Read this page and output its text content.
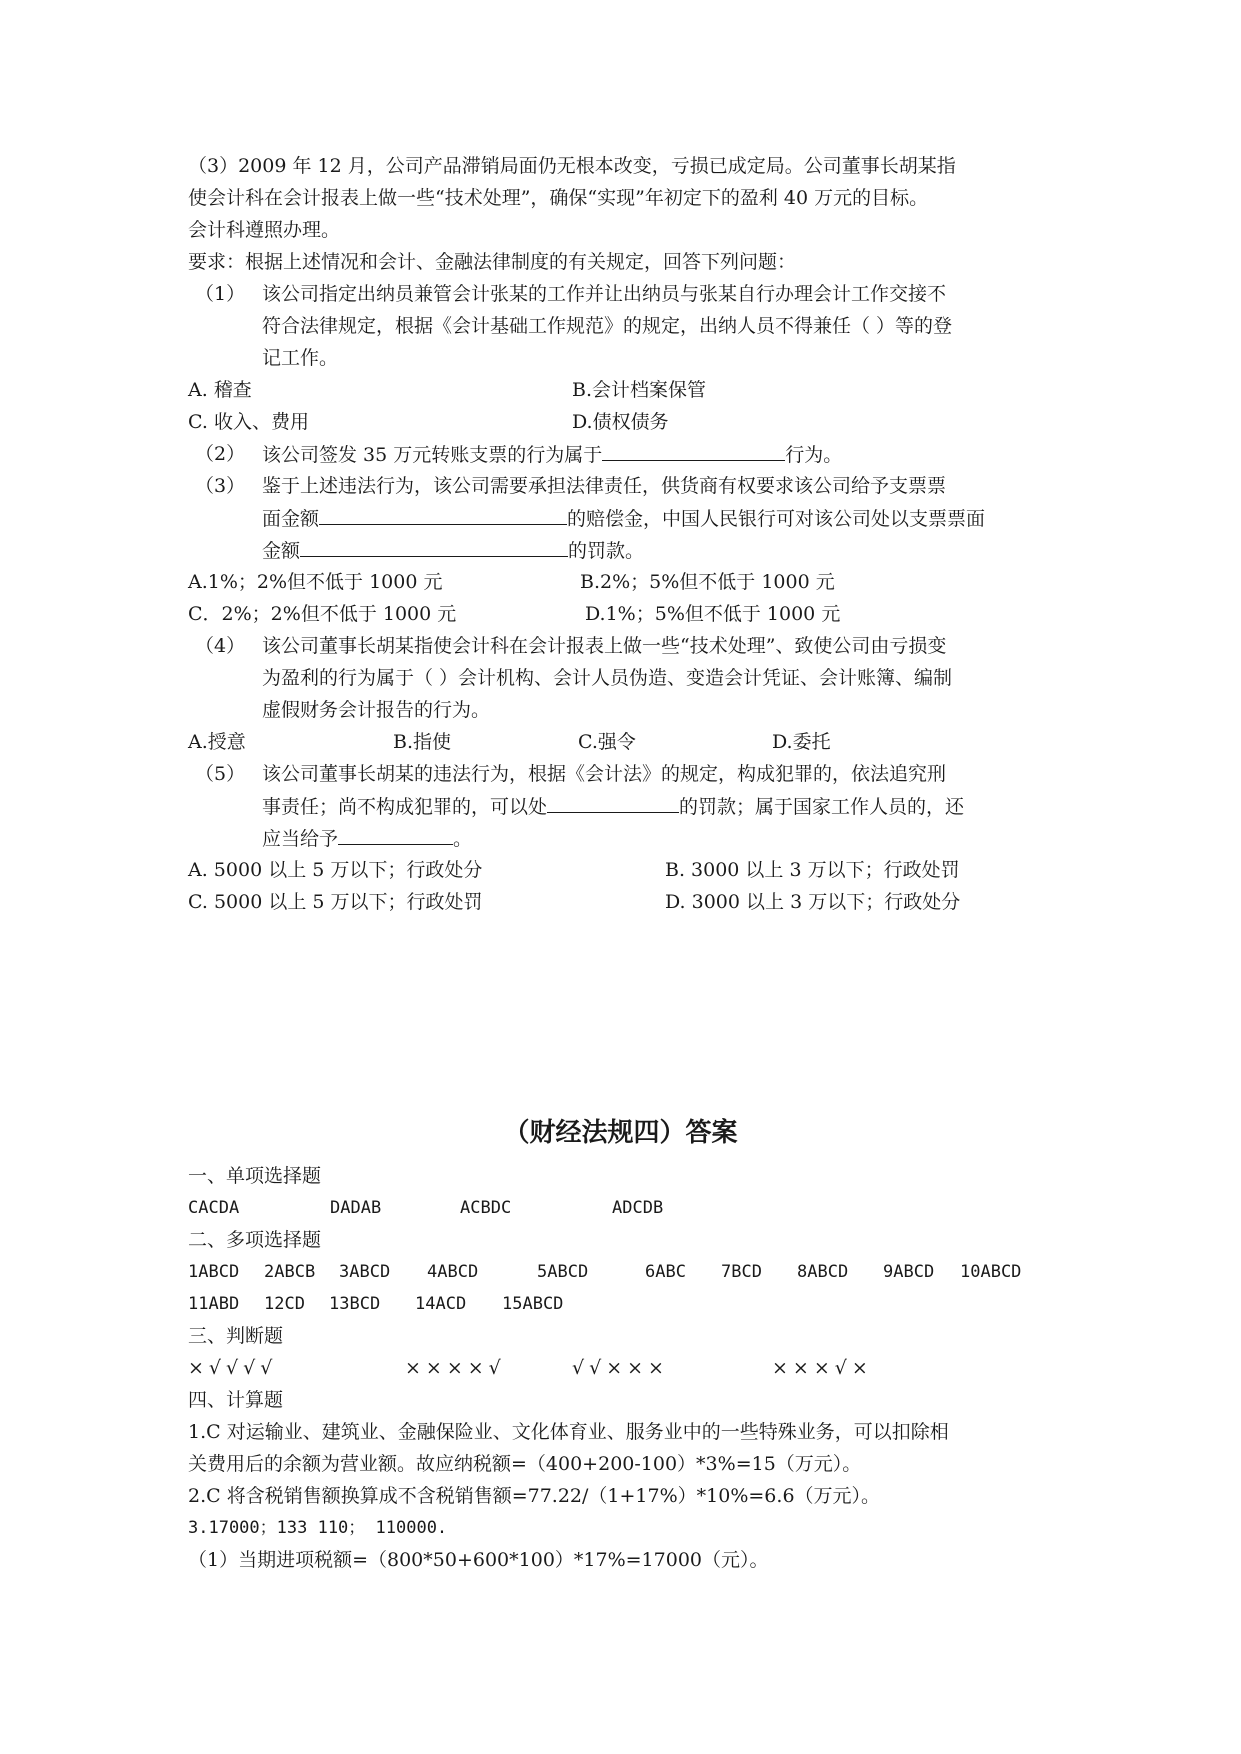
（3）2009 年 12 月，公司产品滞销局面仍无根本改变，亏损已成定局。公司董事长胡某指
使会计科在会计报表上做一些“技术处理”，确保“实现”年初定下的盈利 40 万元的目标。
会计科遵照办理。
要求：根据上述情况和会计、金融法律制度的有关规定，回答下列问题：
（1） 该公司指定出纳员兼管会计张某的工作并让出纳员与张某自行办理会计工作交接不
符合法律规定，根据《会计基础工作规范》的规定，出纳人员不得兼任（ ）等的登
记工作。
A. 稽查	B.会计档案保管
C. 收入、费用	D.债权债务
（2） 该公司签发 35 万元转账支票的行为属于	行为。
（3） 鉴于上述违法行为，该公司需要承担法律责任，供货商有权要求该公司给予支票票
面金额	的赔偿金，中国人民银行可对该公司处以支票票面
金额	的罚款。
A.1%；2%但不低于 1000 元	B.2%；5%但不低于 1000 元
C．2%；2%但不低于 1000 元	D.1%；5%但不低于 1000 元
（4） 该公司董事长胡某指使会计科在会计报表上做一些“技术处理”、致使公司由亏损变
为盈利的行为属于（ ）会计机构、会计人员伪造、变造会计凭证、会计账簿、编制
虚假财务会计报告的行为。
A.授意	B.指使	C.强令	D.委托
（5） 该公司董事长胡某的违法行为，根据《会计法》的规定，构成犯罪的，依法追究刑
事责任；尚不构成犯罪的，可以处	的罚款；属于国家工作人员的，还
应当给予	。
A. 5000 以上 5 万以下；行政处分	B. 3000 以上 3 万以下；行政处罚
C. 5000 以上 5 万以下；行政处罚	D. 3000 以上 3 万以下；行政处分
（财经法规四）答案
一、单项选择题
CACDA	DADAB	ACBDC	ADCDB
二、多项选择题
1ABCD 2ABCB 3ABCD 4ABCD	5ABCD	6ABC 7BCD 8ABCD 9ABCD 10ABCD
11ABD 12CD 13BCD 14ACD 15ABCD
三、判断题
×√√√√	××××√	√√×××	×××√×
四、计算题
1.C 对运输业、建筑业、金融保险业、文化体育业、服务业中的一些特殊业务，可以扣除相
关费用后的余额为营业额。故应纳税额=（400+200-100）*3%=15（万元）。
2.C 将含税销售额换算成不含税销售额=77.22/（1+17%）*10%=6.6（万元）。
3.17000；133 110； 110000.
（1）当期进项税额=（800*50+600*100）*17%=17000（元）。
